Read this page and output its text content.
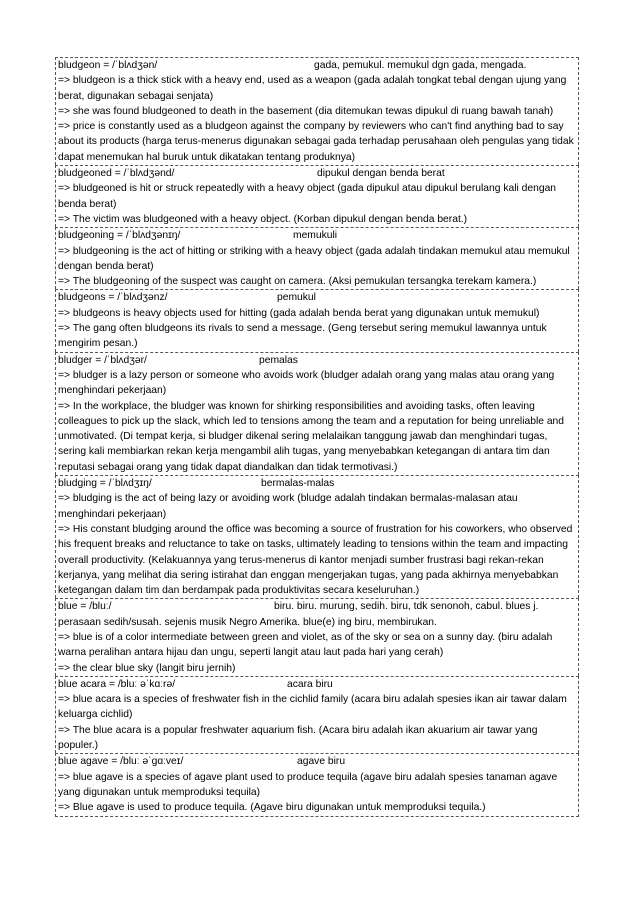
bludgeon = /ˈblʌdʒən/	gada, pemukul. memukul dgn gada, mengada.
=> bludgeon is a thick stick with a heavy end, used as a weapon (gada adalah tongkat tebal dengan ujung yang berat, digunakan sebagai senjata)
=> she was found bludgeoned to death in the basement (dia ditemukan tewas dipukul di ruang bawah tanah)
=> price is constantly used as a bludgeon against the company by reviewers who can't find anything bad to say about its products (harga terus-menerus digunakan sebagai gada terhadap perusahaan oleh pengulas yang tidak dapat menemukan hal buruk untuk dikatakan tentang produknya)
bludgeoned = /ˈblʌdʒənd/	dipukul dengan benda berat
=> bludgeoned is hit or struck repeatedly with a heavy object (gada dipukul atau dipukul berulang kali dengan benda berat)
=> The victim was bludgeoned with a heavy object. (Korban dipukul dengan benda berat.)
bludgeoning = /ˈblʌdʒənɪŋ/	memukuli
=> bludgeoning is the act of hitting or striking with a heavy object (gada adalah tindakan memukul atau memukul dengan benda berat)
=> The bludgeoning of the suspect was caught on camera. (Aksi pemukulan tersangka terekam kamera.)
bludgeons = /ˈblʌdʒənz/	pemukul
=> bludgeons is heavy objects used for hitting (gada adalah benda berat yang digunakan untuk memukul)
=> The gang often bludgeons its rivals to send a message. (Geng tersebut sering memukul lawannya untuk mengirim pesan.)
bludger = /ˈblʌdʒər/	pemalas
=> bludger is a lazy person or someone who avoids work (bludger adalah orang yang malas atau orang yang menghindari pekerjaan)
=> In the workplace, the bludger was known for shirking responsibilities and avoiding tasks, often leaving colleagues to pick up the slack, which led to tensions among the team and a reputation for being unreliable and unmotivated. (Di tempat kerja, si bludger dikenal sering melalaikan tanggung jawab dan menghindari tugas, sering kali membiarkan rekan kerja mengambil alih tugas, yang menyebabkan ketegangan di antara tim dan reputasi sebagai orang yang tidak dapat diandalkan dan tidak termotivasi.)
bludging = /ˈblʌdʒɪŋ/	bermalas-malas
=> bludging is the act of being lazy or avoiding work (bludge adalah tindakan bermalas-malasan atau menghindari pekerjaan)
=> His constant bludging around the office was becoming a source of frustration for his coworkers, who observed his frequent breaks and reluctance to take on tasks, ultimately leading to tensions within the team and impacting overall productivity. (Kelakuannya yang terus-menerus di kantor menjadi sumber frustrasi bagi rekan-rekan kerjanya, yang melihat dia sering istirahat dan enggan mengerjakan tugas, yang pada akhirnya menyebabkan ketegangan dalam tim dan berdampak pada produktivitas secara keseluruhan.)
blue = /bluː/	biru. biru. murung, sedih. biru, tdk senonoh, cabul. blues j.
perasaan sedih/susah. sejenis musik Negro Amerika. blue(e) ing biru, membirukan.
=> blue is of a color intermediate between green and violet, as of the sky or sea on a sunny day. (biru adalah warna peralihan antara hijau dan ungu, seperti langit atau laut pada hari yang cerah)
=> the clear blue sky (langit biru jernih)
blue acara = /bluː əˈkɑːrə/	acara biru
=> blue acara is a species of freshwater fish in the cichlid family (acara biru adalah spesies ikan air tawar dalam keluarga cichlid)
=> The blue acara is a popular freshwater aquarium fish. (Acara biru adalah ikan akuarium air tawar yang populer.)
blue agave = /bluː əˈɡɑːveɪ/	agave biru
=> blue agave is a species of agave plant used to produce tequila (agave biru adalah spesies tanaman agave yang digunakan untuk memproduksi tequila)
=> Blue agave is used to produce tequila. (Agave biru digunakan untuk memproduksi tequila.)
